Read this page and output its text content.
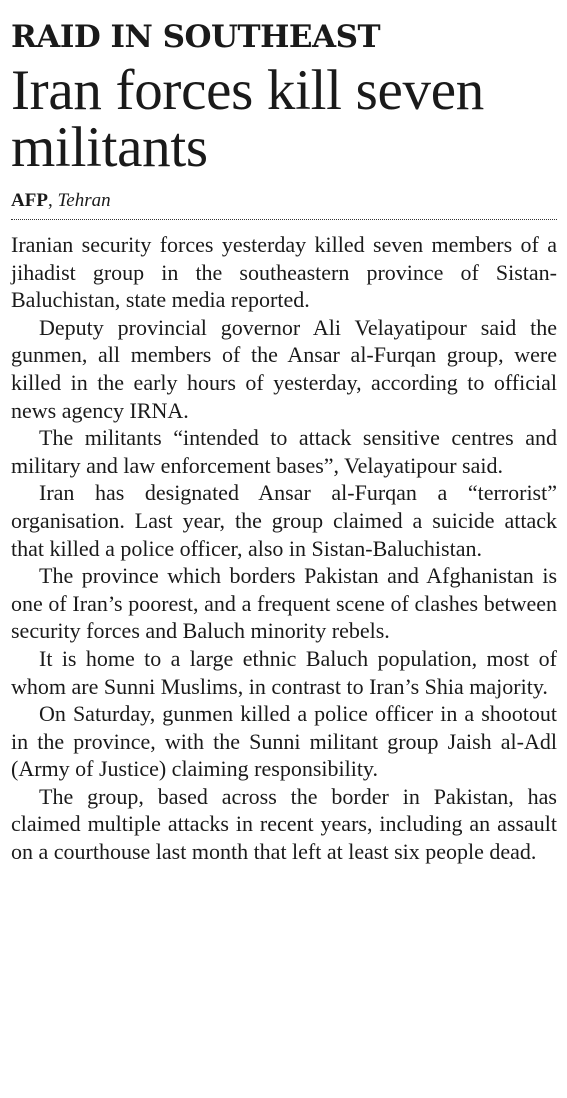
RAID IN SOUTHEAST
Iran forces kill seven militants
AFP, Tehran

Iranian security forces yesterday killed seven members of a jihadist group in the southeastern province of Sistan-Baluchistan, state media reported.

Deputy provincial governor Ali Velayatipour said the gunmen, all members of the Ansar al-Furqan group, were killed in the early hours of yesterday, according to official news agency IRNA.

The militants “intended to attack sensitive centres and military and law enforcement bases”, Velayatipour said.

Iran has designated Ansar al-Furqan a “terrorist” organisation. Last year, the group claimed a suicide attack that killed a police officer, also in Sistan-Baluchistan.

The province which borders Pakistan and Afghanistan is one of Iran’s poorest, and a frequent scene of clashes between security forces and Baluch minority rebels.

It is home to a large ethnic Baluch population, most of whom are Sunni Muslims, in contrast to Iran’s Shia majority.

On Saturday, gunmen killed a police officer in a shootout in the province, with the Sunni militant group Jaish al-Adl (Army of Justice) claiming responsibility.

The group, based across the border in Pakistan, has claimed multiple attacks in recent years, including an assault on a courthouse last month that left at least six people dead.
